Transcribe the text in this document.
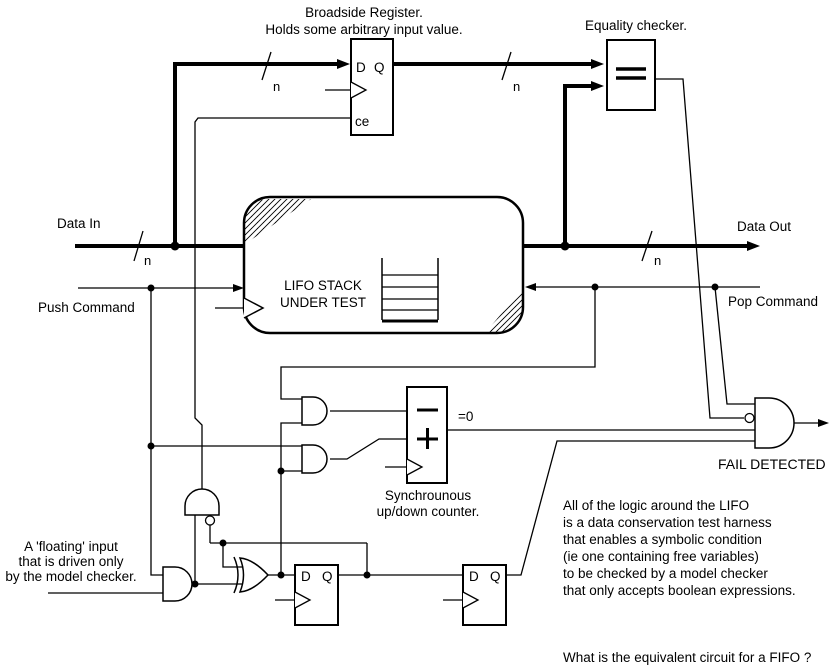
LIFO STACK
UNDER TEST
D Q
ce
D Q	D Q
n
n	n
n
Broadside Register.
Holds some arbitrary input value.	Equality checker.
Data In
Push Command
Data Out
Pop Command
=0
Synchrounous
up/down counter.
FAIL DETECTED
A 'floating' input
that is driven only
by the model checker.
All of the logic around the LIFO
is a data conservation test harness
that enables a symbolic condition
(ie one containing free variables)
to be checked by a model checker
that only accepts boolean expressions.
What is the equivalent circuit for a FIFO ?
